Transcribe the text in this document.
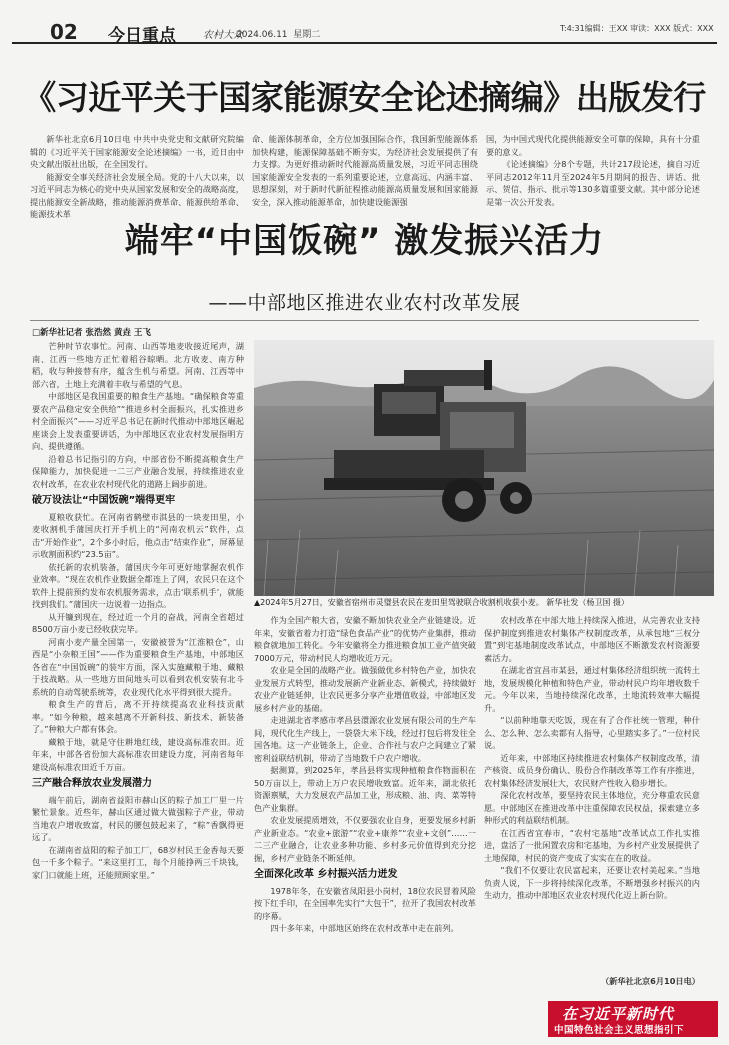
02 今日重点	农村大众
2024.06.11 星期二
T:4:31编辑：王XX 审读：XXX 版式：XXX
《习近平关于国家能源安全论述摘编》出版发行

新华社北京6月10日电 中共中央党史和文献研究院编辑的《习近平关于国家能源安全论述摘编》一书，近日由中央文献出版社出版，在全国发行。

能源安全事关经济社会发展全局。党的十八大以来，以习近平同志为核心的党中央从国家发展和安全的战略高度，提出能源安全新战略，推动能源消费革命、能源供给革命、能源技术革

命、能源体制革命，全方位加强国际合作，我国新型能源体系加快构建，能源保障基础不断夯实，为经济社会发展提供了有力支撑。为更好推动新时代能源高质量发展，习近平同志围绕国家能源安全发表的一系列重要论述，立意高远、内涵丰富、思想深刻，对于新时代新征程推动能源高质量发展和国家能源安全，深入推动能源革命，加快建设能源强

国，为中国式现代化提供能源安全可靠的保障，具有十分重要的意义。

《论述摘编》分8个专题，共计217段论述，摘自习近平同志2012年11月至2024年5月期间的报告、讲话、批示、贺信、指示、批示等130多篇重要文献。其中部分论述是第一次公开发表。

端牢“中国饭碗” 激发振兴活力
——中部地区推进农业农村改革发展
□新华社记者 张浩然 黄垚 王飞

芒种时节农事忙。河南、山西等地麦收接近尾声，湖南、江西一些地方正忙着稻谷晾晒。北方收麦、南方种稻，收与种接替有序，蕴含生机与希望。河南、江西等中部六省，土地上充满着丰收与希望的气息。

中部地区是我国重要的粮食生产基地。“确保粮食等重要农产品稳定安全供给”“推进乡村全面振兴，扎实推进乡村全面振兴”——习近平总书记在新时代推动中部地区崛起座谈会上发表重要讲话，为中部地区农业农村发展指明方向、提供遵循。

沿着总书记指引的方向，中部省份不断提高粮食生产保障能力，加快促进一二三产业融合发展，持续推进农业农村改革，在农业农村现代化的道路上阔步前进。

破万设法让“中国饭碗”端得更牢

夏粮收获忙。在河南省鹤壁市淇县的一块麦田里，小麦收割机手蒲国庆打开手机上的“河南农机云”软件，点击“开始作业”，2个多小时后，他点击“结束作业”，屏幕显示收割面积约“23.5亩”。

依托新的农机装备，蒲国庆今年可更好地掌握农机作业效率。“现在农机作业数据全都连上了网，农民只在这个软件上提前预约发布农机服务需求，点击‘联系机手’，就能找到我们。”蒲国庆一边说着一边指点。

从开镰到现在，经过近一个月的奋战，河南全省超过8500万亩小麦已经收获完毕。

河南小麦产量全国第一，安徽被誉为“江淮粮仓”，山西是“小杂粮王国”——作为重要粮食生产基地，中部地区各省在“中国饭碗”的装牢方面，深入实施藏粮于地、藏粮于技战略。从一些地方田间地头可以看到农机安装有北斗系统的自动驾驶系统等，农业现代化水平得到很大提升。

粮食生产的背后，离不开持续提高农业科技贡献率。“如今种粮，越来越离不开新科技、新技术、新装备了。”种粮大户都有体会。

藏粮于地，就是守住耕地红线，建设高标准农田。近年来，中部各省份加大高标准农田建设力度，河南省每年建设高标准农田近千万亩。

三产融合释放农业发展潜力

端午前后，湖南省益阳市赫山区的粽子加工厂里一片繁忙景象。近些年，赫山区通过做大做强粽子产业，带动当地农户增收致富，村民的腰包鼓起来了，“粽”香飘得更远了。

在湖南省益阳的粽子加工厂，68岁村民王金香每天要包一千多个粽子。“来这里打工，每个月能挣两三千块钱，家门口就能上班，还能照顾家里。”

▲2024年5月27日，安徽省宿州市灵璧县农民在麦田里驾驶联合收割机收获小麦。 新华社发（杨卫国 摄）

作为全国产粮大省，安徽不断加快农业全产业链建设。近年来，安徽省着力打造“绿色食品产业”的优势产业集群，推动粮食就地加工转化。今年安徽将全力推进粮食加工业产值突破7000万元，带动村民人均增收近万元。

农业是全国的战略产业。做强做优乡村特色产业，加快农业发展方式转型，推动发展新产业新业态、新模式，持续做好农业产业链延伸，让农民更多分享产业增值收益，中部地区发展乡村产业的基础。

走进湖北省孝感市孝昌县澴源农业发展有限公司的生产车间，现代化生产线上，一袋袋大米下线，经过打包后将发往全国各地。这一产业链条上，企业、合作社与农户之间建立了紧密利益联结机制，带动了当地数千户农户增收。

据测算，到2025年，孝昌县将实现种植粮食作物面积在50万亩以上，带动上万户农民增收致富。近年来，湖北依托资源禀赋，大力发展农产品加工业，形成粮、油、肉、菜等特色产业集群。

农业发展提质增效，不仅要强农业自身，更要发展乡村新产业新业态。“农业+旅游”“农业+康养”“农业+文创”……一二三产业融合，让农业多种功能、乡村多元价值得到充分挖掘，乡村产业链条不断延伸。

全面深化改革 乡村振兴活力迸发

1978年冬，在安徽省凤阳县小岗村，18位农民冒着风险按下红手印，在全国率先实行“大包干”，拉开了我国农村改革的序幕。

四十多年来，中部地区始终在农村改革中走在前列。

农村改革在中部大地上持续深入推进，从完善农业支持保护制度到推进农村集体产权制度改革，从承包地“三权分置”到宅基地制度改革试点，中部地区不断激发农村资源要素活力。

在湖北省宜昌市某县，通过村集体经济组织统一流转土地，发展规模化种植和特色产业，带动村民户均年增收数千元。今年以来，当地持续深化改革，土地流转效率大幅提升。

“以前种地靠天吃饭，现在有了合作社统一管理，种什么、怎么种、怎么卖都有人指导，心里踏实多了。”一位村民说。

近年来，中部地区持续推进农村集体产权制度改革，清产核资、成员身份确认、股份合作制改革等工作有序推进，农村集体经济发展壮大，农民财产性收入稳步增长。

深化农村改革，要坚持农民主体地位，充分尊重农民意愿。中部地区在推进改革中注重保障农民权益，探索建立多种形式的利益联结机制。

在江西省宜春市，“农村宅基地”改革试点工作扎实推进，盘活了一批闲置农房和宅基地，为乡村产业发展提供了土地保障，村民的资产变成了实实在在的收益。

“我们不仅要让农民富起来，还要让农村美起来。”当地负责人说，下一步将持续深化改革，不断增强乡村振兴的内生动力，推动中部地区农业农村现代化迈上新台阶。

（新华社北京6月10日电）
在习近平新时代
中国特色社会主义思想指引下
